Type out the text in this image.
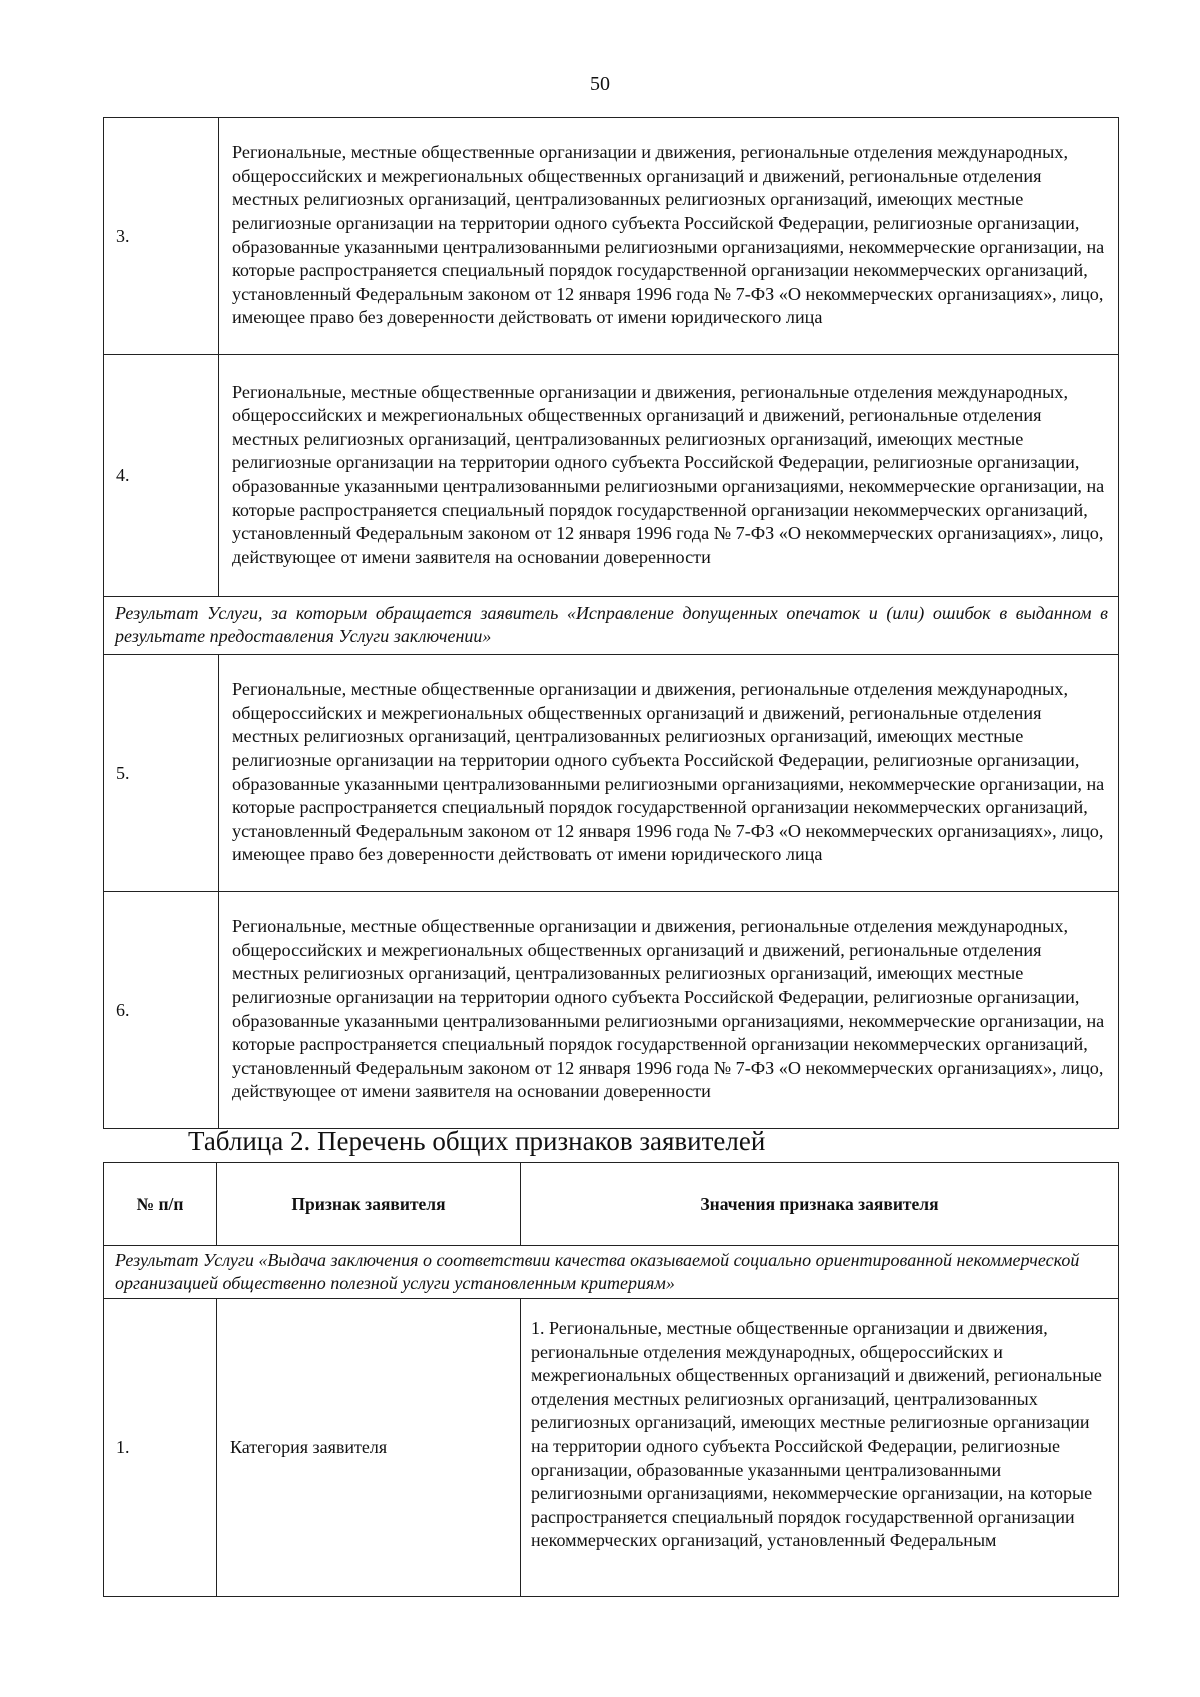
50
3.	Региональные, местные общественные организации и движения, региональные отделения международных, общероссийских и межрегиональных общественных организаций и движений, региональные отделения местных религиозных организаций, централизованных религиозных организаций, имеющих местные религиозные организации на территории одного субъекта Российской Федерации, религиозные организации, образованные указанными централизованными религиозными организациями, некоммерческие организации, на которые распространяется специальный порядок государственной организации некоммерческих организаций, установленный Федеральным законом от 12 января 1996 года № 7-ФЗ «О некоммерческих организациях», лицо, имеющее право без доверенности действовать от имени юридического лица
4.	Региональные, местные общественные организации и движения, региональные отделения международных, общероссийских и межрегиональных общественных организаций и движений, региональные отделения местных религиозных организаций, централизованных религиозных организаций, имеющих местные религиозные организации на территории одного субъекта Российской Федерации, религиозные организации, образованные указанными централизованными религиозными организациями, некоммерческие организации, на которые распространяется специальный порядок государственной организации некоммерческих организаций, установленный Федеральным законом от 12 января 1996 года № 7-ФЗ «О некоммерческих организациях», лицо, действующее от имени заявителя на основании доверенности
Результат Услуги, за которым обращается заявитель «Исправление допущенных опечаток и (или) ошибок в выданном в результате предоставления Услуги заключении»	
5.	Региональные, местные общественные организации и движения, региональные отделения международных, общероссийских и межрегиональных общественных организаций и движений, региональные отделения местных религиозных организаций, централизованных религиозных организаций, имеющих местные религиозные организации на территории одного субъекта Российской Федерации, религиозные организации, образованные указанными централизованными религиозными организациями, некоммерческие организации, на которые распространяется специальный порядок государственной организации некоммерческих организаций, установленный Федеральным законом от 12 января 1996 года № 7-ФЗ «О некоммерческих организациях», лицо, имеющее право без доверенности действовать от имени юридического лица
6.	Региональные, местные общественные организации и движения, региональные отделения международных, общероссийских и межрегиональных общественных организаций и движений, региональные отделения местных религиозных организаций, централизованных религиозных организаций, имеющих местные религиозные организации на территории одного субъекта Российской Федерации, религиозные организации, образованные указанными централизованными религиозными организациями, некоммерческие организации, на которые распространяется специальный порядок государственной организации некоммерческих организаций, установленный Федеральным законом от 12 января 1996 года № 7-ФЗ «О некоммерческих организациях», лицо, действующее от имени заявителя на основании доверенности
Таблица 2. Перечень общих признаков заявителей
№ п/п	Признак заявителя	Значения признака заявителя
Результат Услуги «Выдача заключения о соответствии качества оказываемой социально ориентированной некоммерческой организацией общественно полезной услуги установленным критериям»		
1.	Категория заявителя	1. Региональные, местные общественные организации и движения, региональные отделения международных, общероссийских и межрегиональных общественных организаций и движений, региональные отделения местных религиозных организаций, централизованных религиозных организаций, имеющих местные религиозные организации на территории одного субъекта Российской Федерации, религиозные организации, образованные указанными централизованными религиозными организациями, некоммерческие организации, на которые распространяется специальный порядок государственной организации некоммерческих организаций, установленный Федеральным
